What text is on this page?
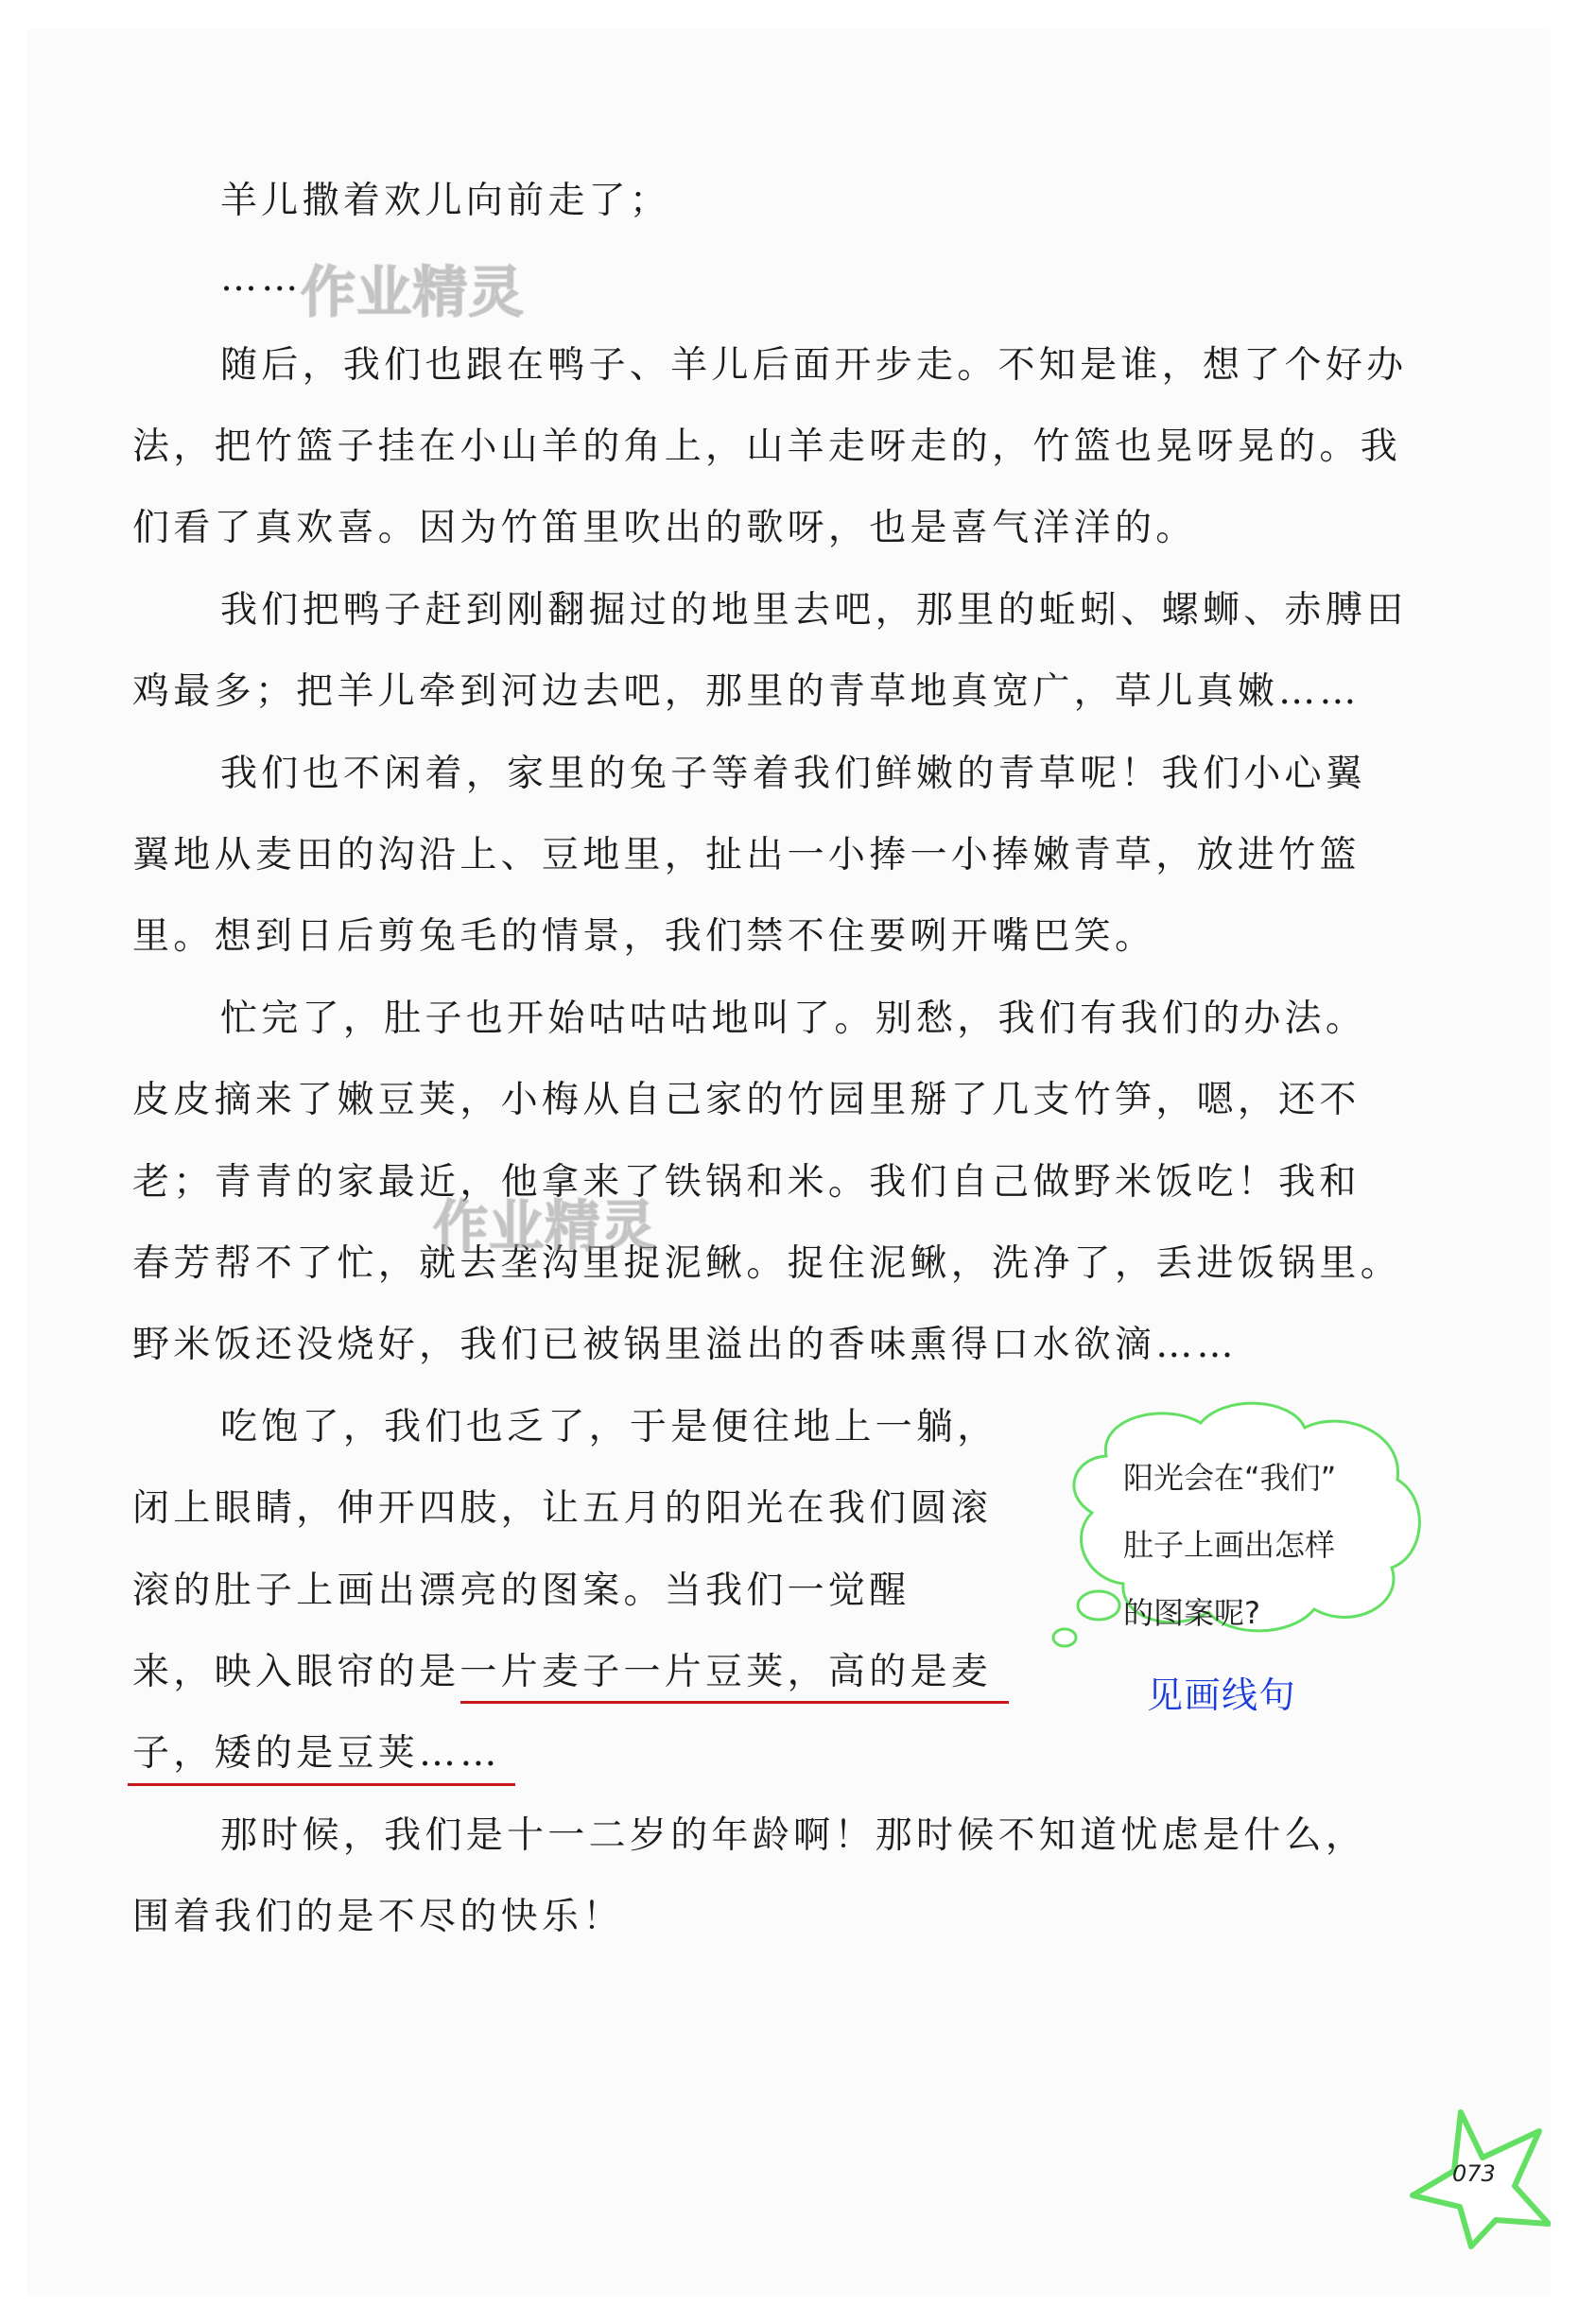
羊儿撒着欢儿向前走了；
……
随后，我们也跟在鸭子、羊儿后面开步走。不知是谁，想了个好办
法，把竹篮子挂在小山羊的角上，山羊走呀走的，竹篮也晃呀晃的。我
们看了真欢喜。因为竹笛里吹出的歌呀，也是喜气洋洋的。
我们把鸭子赶到刚翻掘过的地里去吧，那里的蚯蚓、螺蛳、赤膊田
鸡最多；把羊儿牵到河边去吧，那里的青草地真宽广，草儿真嫩……
我们也不闲着，家里的兔子等着我们鲜嫩的青草呢！我们小心翼
翼地从麦田的沟沿上、豆地里，扯出一小捧一小捧嫩青草，放进竹篮
里。想到日后剪兔毛的情景，我们禁不住要咧开嘴巴笑。
忙完了，肚子也开始咕咕咕地叫了。别愁，我们有我们的办法。
皮皮摘来了嫩豆荚，小梅从自己家的竹园里掰了几支竹笋，嗯，还不
老；青青的家最近，他拿来了铁锅和米。我们自己做野米饭吃！我和
春芳帮不了忙，就去垄沟里捉泥鳅。捉住泥鳅，洗净了，丢进饭锅里。
野米饭还没烧好，我们已被锅里溢出的香味熏得口水欲滴……
吃饱了，我们也乏了，于是便往地上一躺，
闭上眼睛，伸开四肢，让五月的阳光在我们圆滚
滚的肚子上画出漂亮的图案。当我们一觉醒
来，映入眼帘的是一片麦子一片豆荚，高的是麦
子，矮的是豆荚……
那时候，我们是十一二岁的年龄啊！那时候不知道忧虑是什么，
围着我们的是不尽的快乐！
作业精灵
作业精灵
阳光会在“我们”
肚子上画出怎样
的图案呢?
见画线句
073
